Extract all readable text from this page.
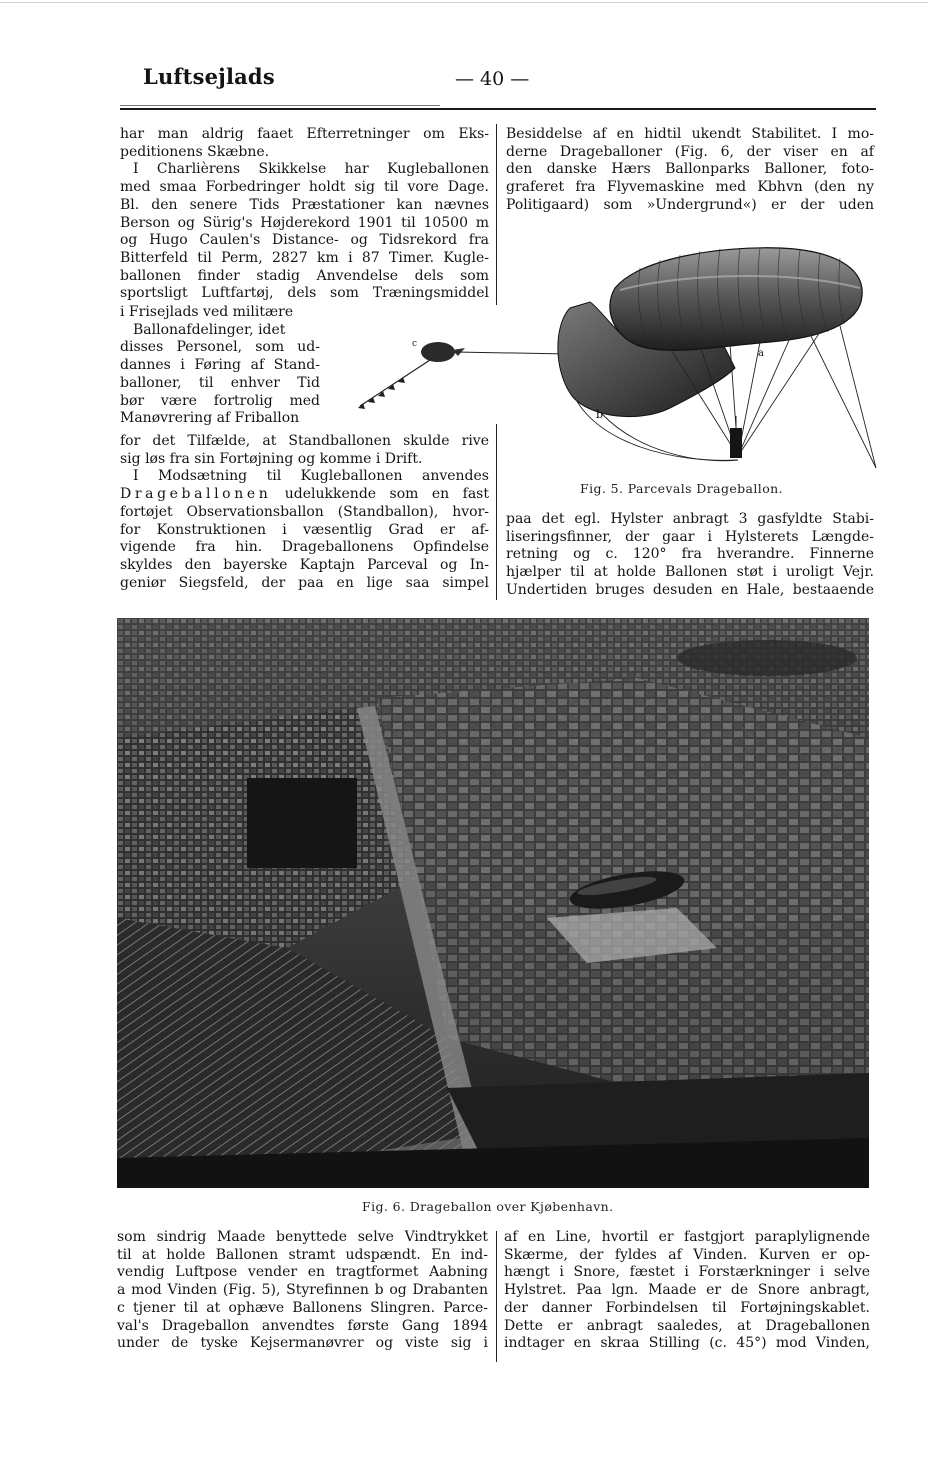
Luftsejlads	— 40 —
har man aldrig faaet Efterretninger om Eks-
peditionens Skæbne.
I Charlièrens Skikkelse har Kugleballonen
med smaa Forbedringer holdt sig til vore Dage.
Bl. den senere Tids Præstationer kan nævnes
Berson og Sürig's Højderekord 1901 til 10500 m
og Hugo Caulen's Distance- og Tidsrekord fra
Bitterfeld til Perm, 2827 km i 87 Timer. Kugle-
ballonen finder stadig Anvendelse dels som
sportsligt Luftfartøj, dels som Træningsmiddel
i Frisejlads ved militære
Ballonafdelinger, idet
disses Personel, som ud-
dannes i Føring af Stand-
balloner, til enhver Tid
bør være fortrolig med
Manøvrering af Friballon
for det Tilfælde, at Standballonen skulde rive
sig løs fra sin Fortøjning og komme i Drift.
I Modsætning til Kugleballonen anvendes
Drageballonen udelukkende som en fast
fortøjet Observationsballon (Standballon), hvor-
for Konstruktionen i væsentlig Grad er af-
vigende fra hin. Drageballonens Opfindelse
skyldes den bayerske Kaptajn Parceval og In-
geniør Siegsfeld, der paa en lige saa simpel
Besiddelse af en hidtil ukendt Stabilitet. I mo-
derne Drageballoner (Fig. 6, der viser en af
den danske Hærs Ballonparks Balloner, foto-
graferet fra Flyvemaskine med Kbhvn (den ny
Politigaard) som »Undergrund«) er der uden
c
a
b
Fig. 5. Parcevals Drageballon.
paa det egl. Hylster anbragt 3 gasfyldte Stabi-
liseringsfinner, der gaar i Hylsterets Længde-
retning og c. 120° fra hverandre. Finnerne
hjælper til at holde Ballonen støt i uroligt Vejr.
Undertiden bruges desuden en Hale, bestaaende
Fig. 6. Drageballon over Kjøbenhavn.
som sindrig Maade benyttede selve Vindtrykket
til at holde Ballonen stramt udspændt. En ind-
vendig Luftpose vender en tragtformet Aabning
a mod Vinden (Fig. 5), Styrefinnen b og Drabanten
c tjener til at ophæve Ballonens Slingren. Parce-
val's Drageballon anvendtes første Gang 1894
under de tyske Kejsermanøvrer og viste sig i
af en Line, hvortil er fastgjort paraplylignende
Skærme, der fyldes af Vinden. Kurven er op-
hængt i Snore, fæstet i Forstærkninger i selve
Hylstret. Paa lgn. Maade er de Snore anbragt,
der danner Forbindelsen til Fortøjningskablet.
Dette er anbragt saaledes, at Drageballonen
indtager en skraa Stilling (c. 45°) mod Vinden,
